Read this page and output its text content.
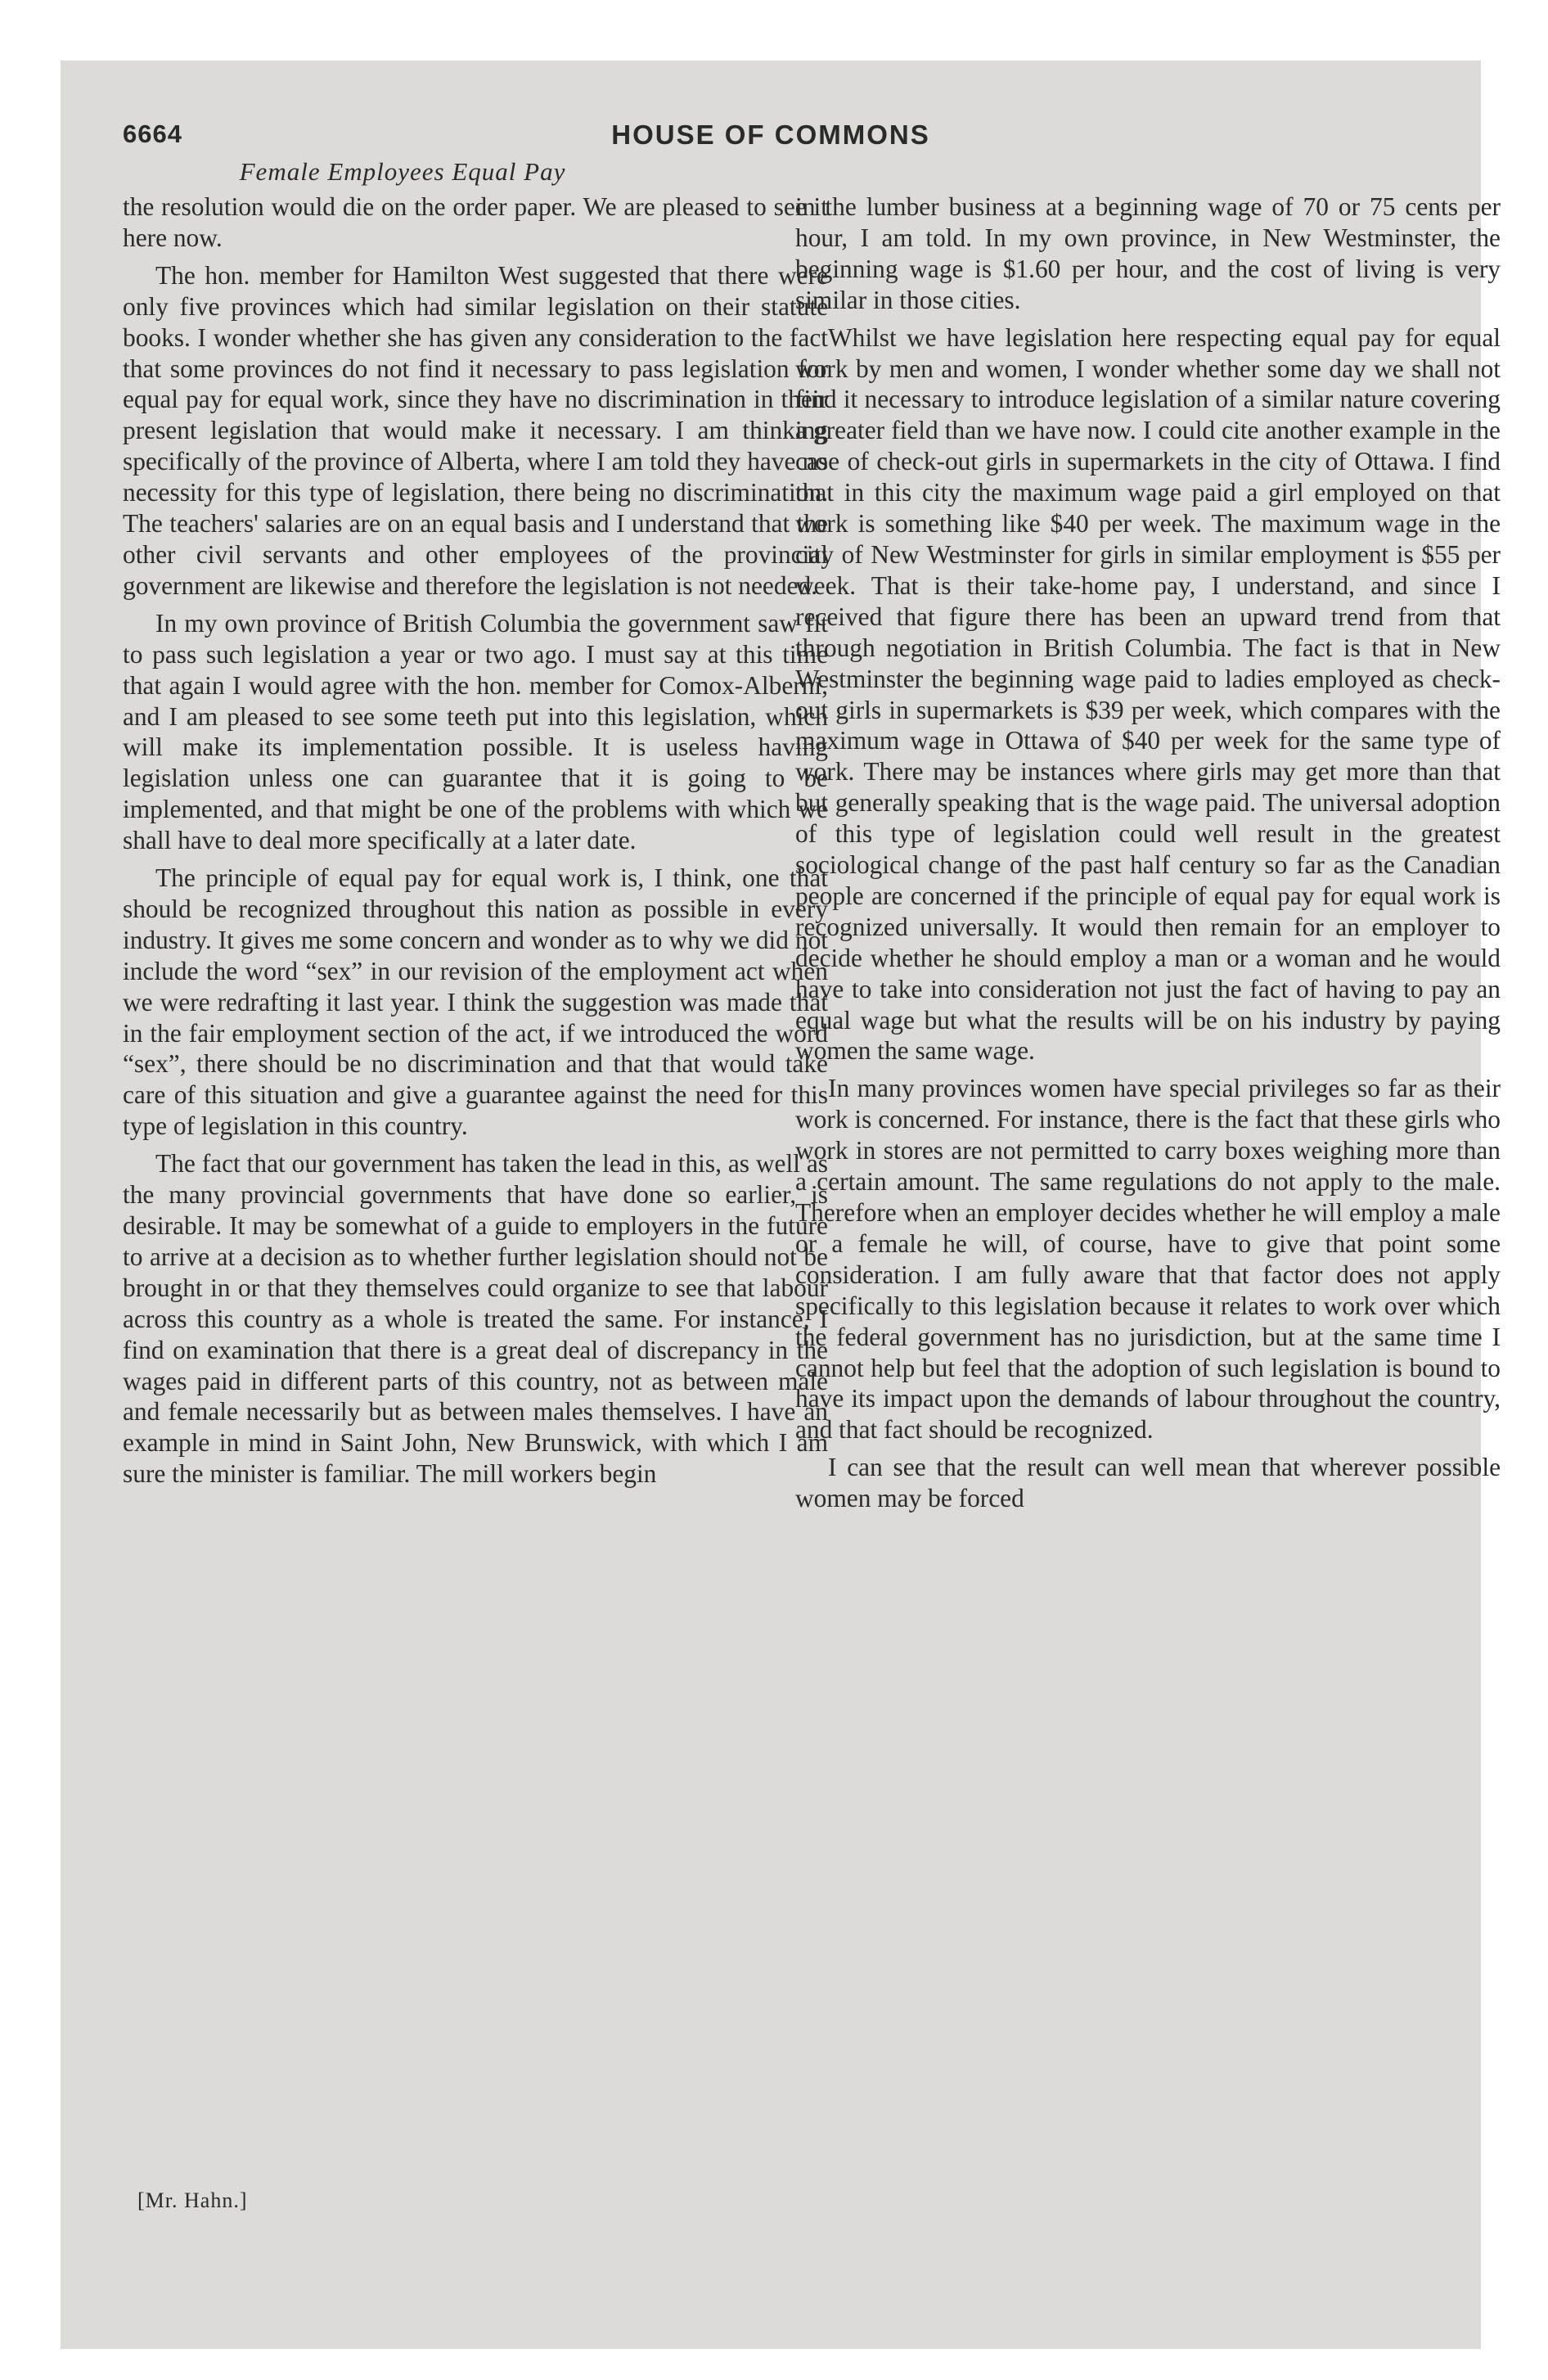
6664	HOUSE OF COMMONS
Female Employees Equal Pay

the resolution would die on the order paper. We are pleased to see it here now.

The hon. member for Hamilton West suggested that there were only five provinces which had similar legislation on their statute books. I wonder whether she has given any consideration to the fact that some provinces do not find it necessary to pass legislation for equal pay for equal work, since they have no discrimination in their present legislation that would make it necessary. I am thinking specifically of the province of Alberta, where I am told they have no necessity for this type of legislation, there being no discrimination. The teachers' salaries are on an equal basis and I understand that the other civil servants and other employees of the provincial government are likewise and therefore the legislation is not needed.

In my own province of British Columbia the government saw fit to pass such legislation a year or two ago. I must say at this time that again I would agree with the hon. member for Comox-Alberni, and I am pleased to see some teeth put into this legislation, which will make its implementation possible. It is useless having legislation unless one can guarantee that it is going to be implemented, and that might be one of the problems with which we shall have to deal more specifically at a later date.

The principle of equal pay for equal work is, I think, one that should be recognized throughout this nation as possible in every industry. It gives me some concern and wonder as to why we did not include the word “sex” in our revision of the employment act when we were redrafting it last year. I think the suggestion was made that in the fair employment section of the act, if we introduced the word “sex”, there should be no discrimination and that that would take care of this situation and give a guarantee against the need for this type of legislation in this country.

The fact that our government has taken the lead in this, as well as the many provincial governments that have done so earlier, is desirable. It may be somewhat of a guide to employers in the future to arrive at a decision as to whether further legislation should not be brought in or that they themselves could organize to see that labour across this country as a whole is treated the same. For instance, I find on examination that there is a great deal of discrepancy in the wages paid in different parts of this country, not as between male and female necessarily but as between males themselves. I have an example in mind in Saint John, New Brunswick, with which I am sure the minister is familiar. The mill workers begin

in the lumber business at a beginning wage of 70 or 75 cents per hour, I am told. In my own province, in New Westminster, the beginning wage is $1.60 per hour, and the cost of living is very similar in those cities.

Whilst we have legislation here respecting equal pay for equal work by men and women, I wonder whether some day we shall not find it necessary to introduce legislation of a similar nature covering a greater field than we have now. I could cite another example in the case of check-out girls in supermarkets in the city of Ottawa. I find that in this city the maximum wage paid a girl employed on that work is something like $40 per week. The maximum wage in the city of New Westminster for girls in similar employment is $55 per week. That is their take-home pay, I understand, and since I received that figure there has been an upward trend from that through negotiation in British Columbia. The fact is that in New Westminster the beginning wage paid to ladies employed as check-out girls in supermarkets is $39 per week, which compares with the maximum wage in Ottawa of $40 per week for the same type of work. There may be instances where girls may get more than that but generally speaking that is the wage paid. The universal adoption of this type of legislation could well result in the greatest sociological change of the past half century so far as the Canadian people are concerned if the principle of equal pay for equal work is recognized universally. It would then remain for an employer to decide whether he should employ a man or a woman and he would have to take into consideration not just the fact of having to pay an equal wage but what the results will be on his industry by paying women the same wage.

In many provinces women have special privileges so far as their work is concerned. For instance, there is the fact that these girls who work in stores are not permitted to carry boxes weighing more than a certain amount. The same regulations do not apply to the male. Therefore when an employer decides whether he will employ a male or a female he will, of course, have to give that point some consideration. I am fully aware that that factor does not apply specifically to this legislation because it relates to work over which the federal government has no jurisdiction, but at the same time I cannot help but feel that the adoption of such legislation is bound to have its impact upon the demands of labour throughout the country, and that fact should be recognized.

I can see that the result can well mean that wherever possible women may be forced

[Mr. Hahn.]
